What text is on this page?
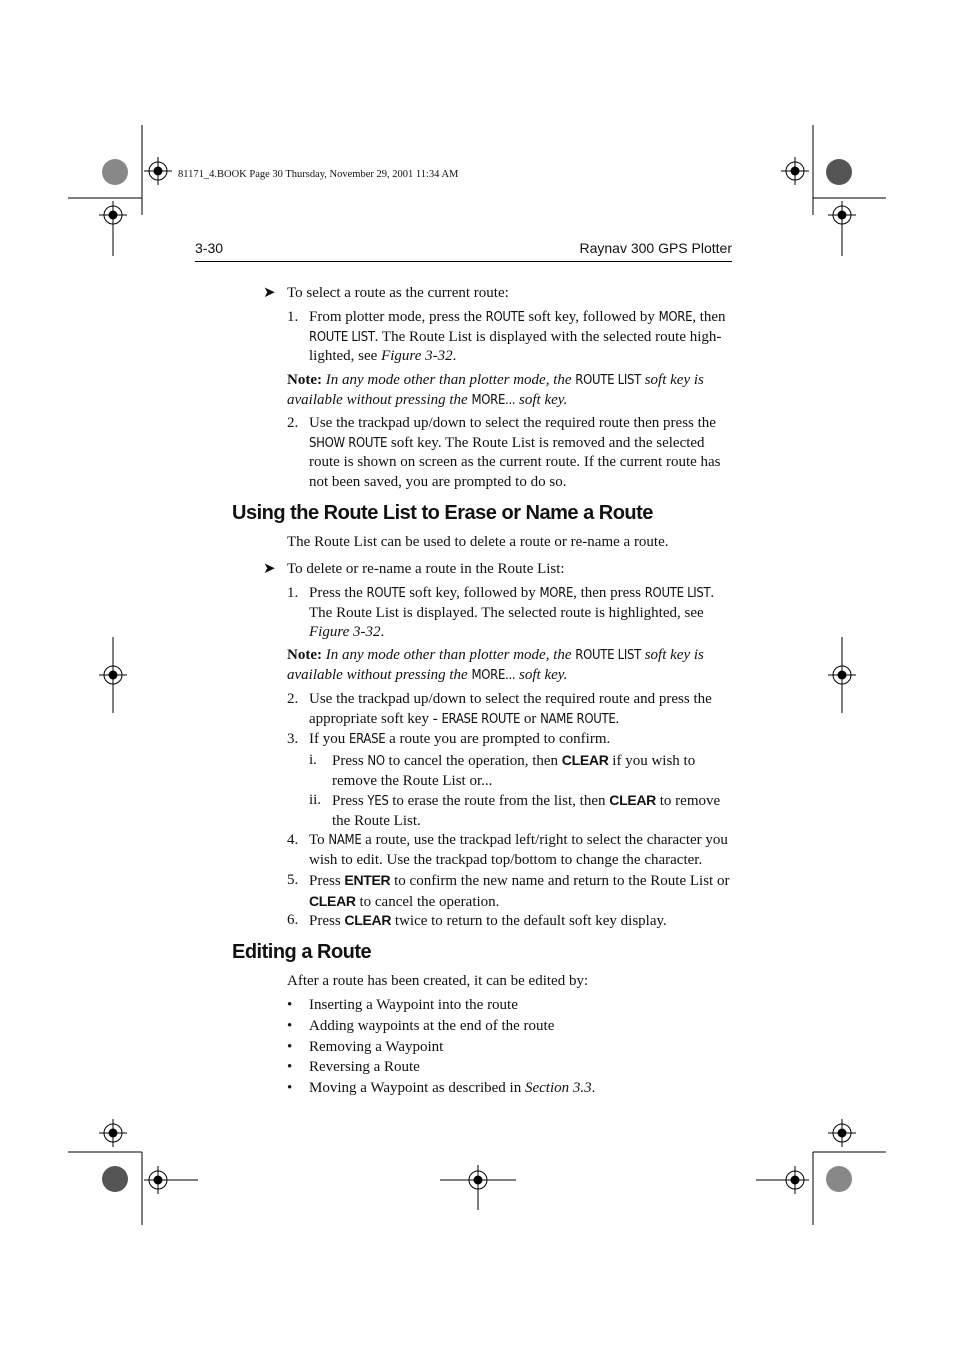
81171_4.BOOK Page 30 Thursday, November 29, 2001 11:34 AM
3-30	Raynav 300 GPS Plotter
➤ To select a route as the current route:
1. From plotter mode, press the ROUTE soft key, followed by MORE, then ROUTE LIST. The Route List is displayed with the selected route high-lighted, see Figure 3-32.
Note: In any mode other than plotter mode, the ROUTE LIST soft key is available without pressing the MORE... soft key.
2. Use the trackpad up/down to select the required route then press the SHOW ROUTE soft key. The Route List is removed and the selected route is shown on screen as the current route. If the current route has not been saved, you are prompted to do so.
Using the Route List to Erase or Name a Route
The Route List can be used to delete a route or re-name a route.
➤ To delete or re-name a route in the Route List:
1. Press the ROUTE soft key, followed by MORE, then press ROUTE LIST. The Route List is displayed. The selected route is highlighted, see Figure 3-32.
Note: In any mode other than plotter mode, the ROUTE LIST soft key is available without pressing the MORE... soft key.
2. Use the trackpad up/down to select the required route and press the appropriate soft key - ERASE ROUTE or NAME ROUTE.
3. If you ERASE a route you are prompted to confirm.
i. Press NO to cancel the operation, then CLEAR if you wish to remove the Route List or...
ii. Press YES to erase the route from the list, then CLEAR to remove the Route List.
4. To NAME a route, use the trackpad left/right to select the character you wish to edit. Use the trackpad top/bottom to change the character.
5. Press ENTER to confirm the new name and return to the Route List or CLEAR to cancel the operation.
6. Press CLEAR twice to return to the default soft key display.
Editing a Route
After a route has been created, it can be edited by:
• Inserting a Waypoint into the route
• Adding waypoints at the end of the route
• Removing a Waypoint
• Reversing a Route
• Moving a Waypoint as described in Section 3.3.
